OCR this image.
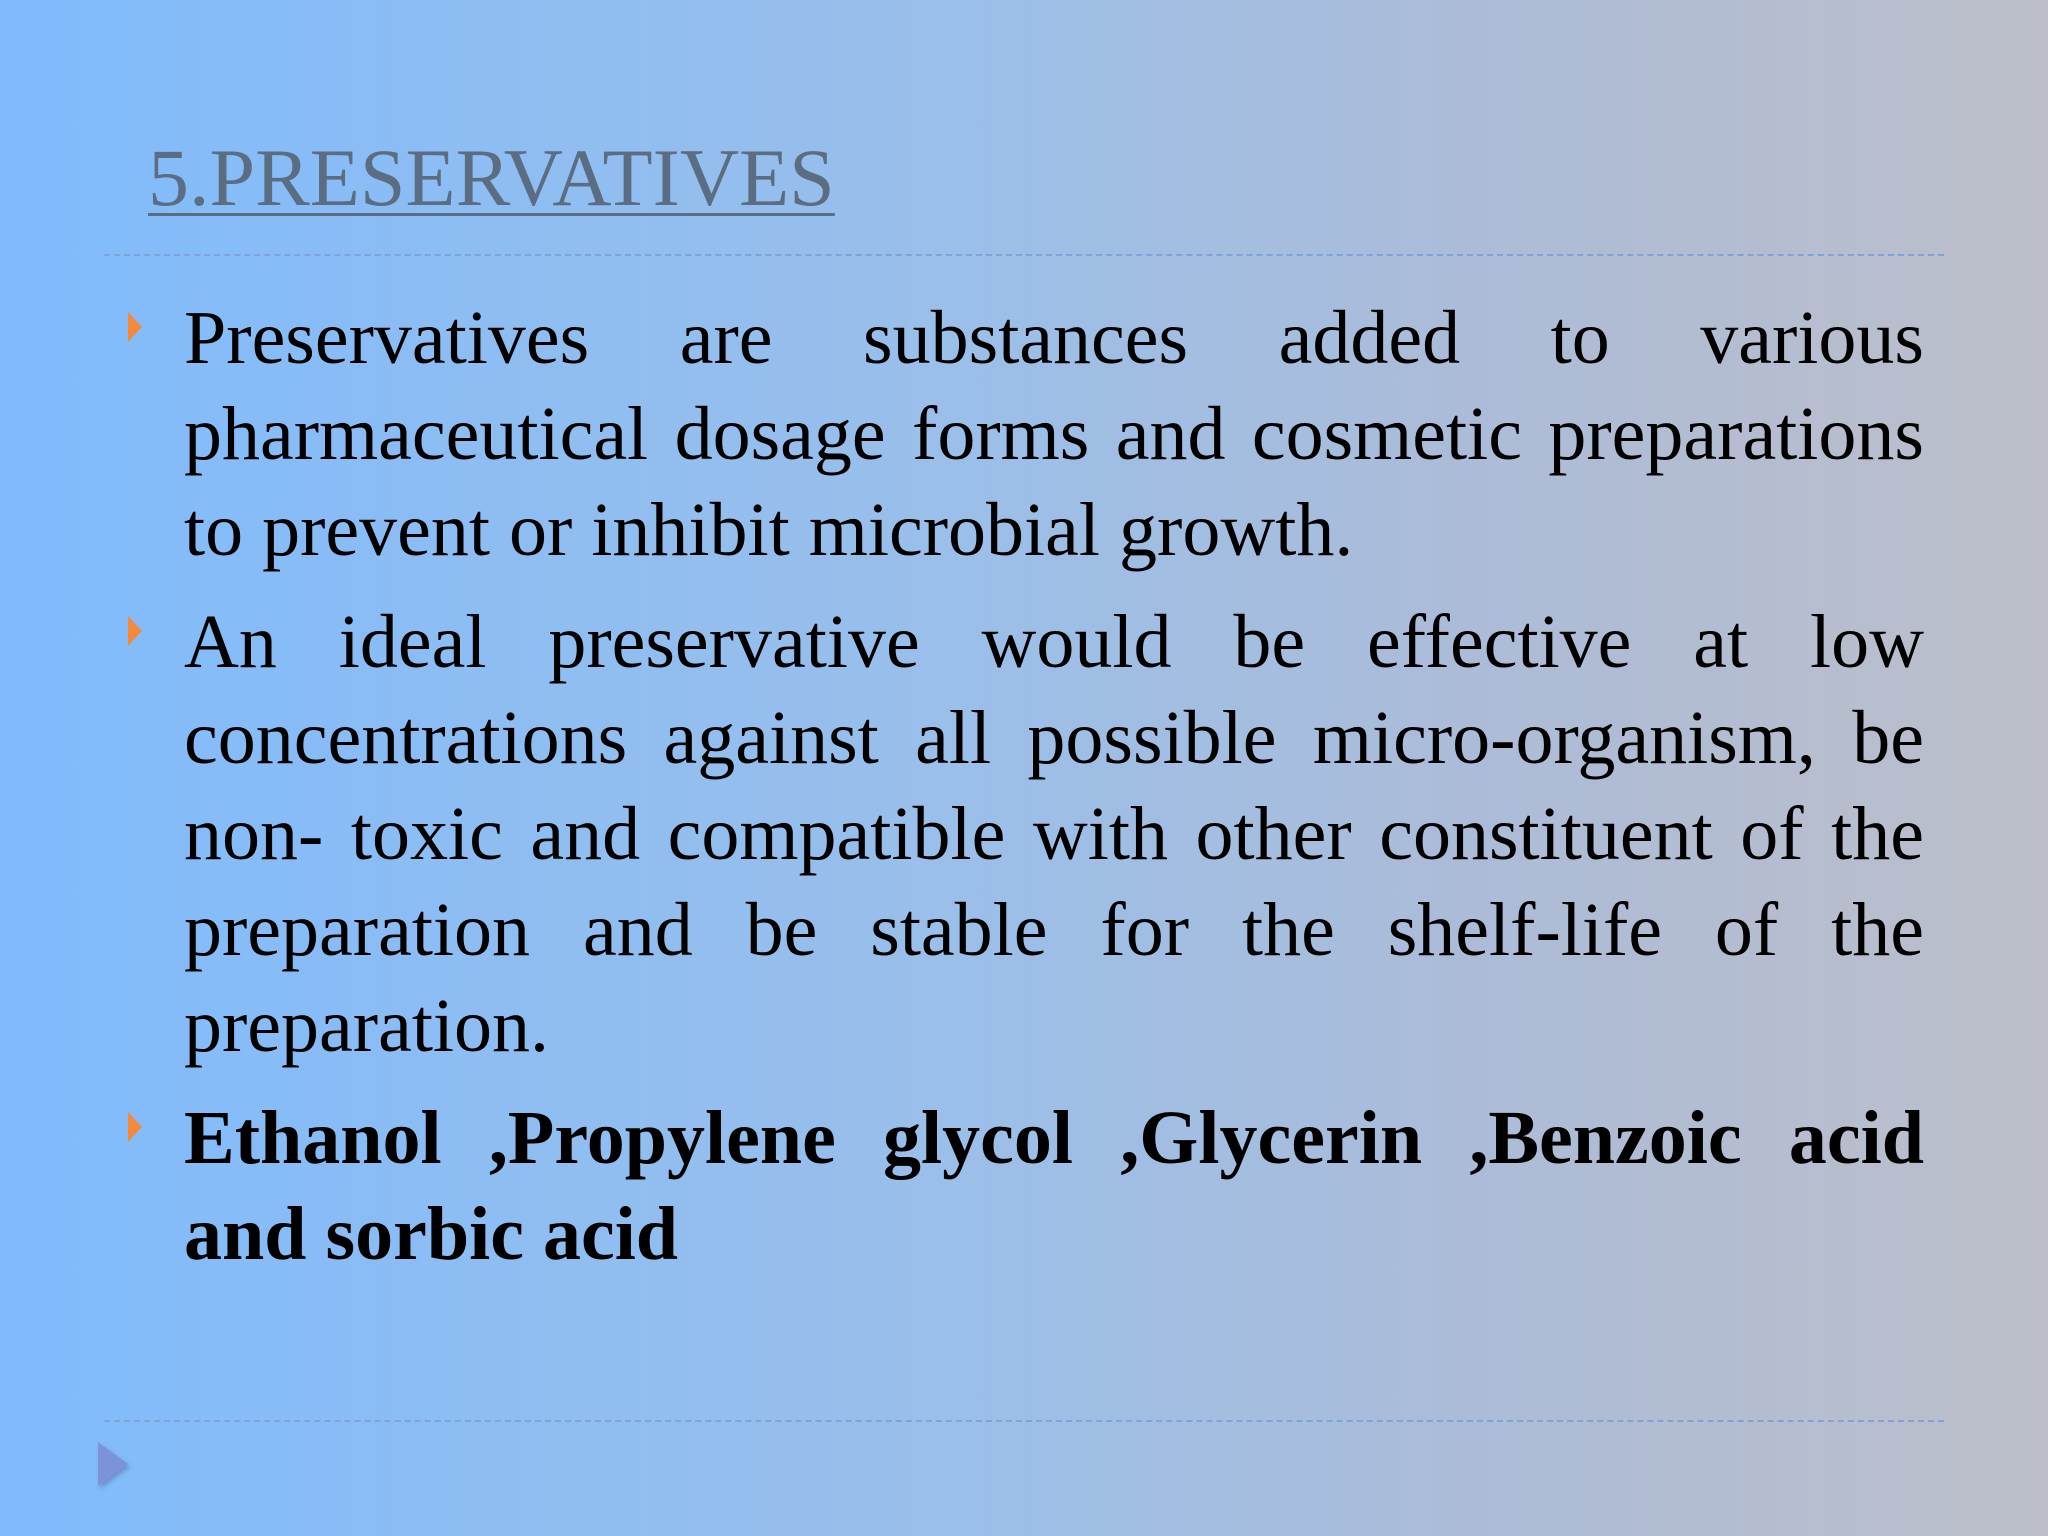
5.PRESERVATIVES

Preservatives are substances added to various pharmaceutical dosage forms and cosmetic preparations to prevent or inhibit microbial growth.

An ideal preservative would be effective at low concentrations against all possible micro-organism, be non- toxic and compatible with other constituent of the preparation and be stable for the shelf-life of the preparation.

Ethanol ,Propylene glycol ,Glycerin ,Benzoic acid and sorbic acid
